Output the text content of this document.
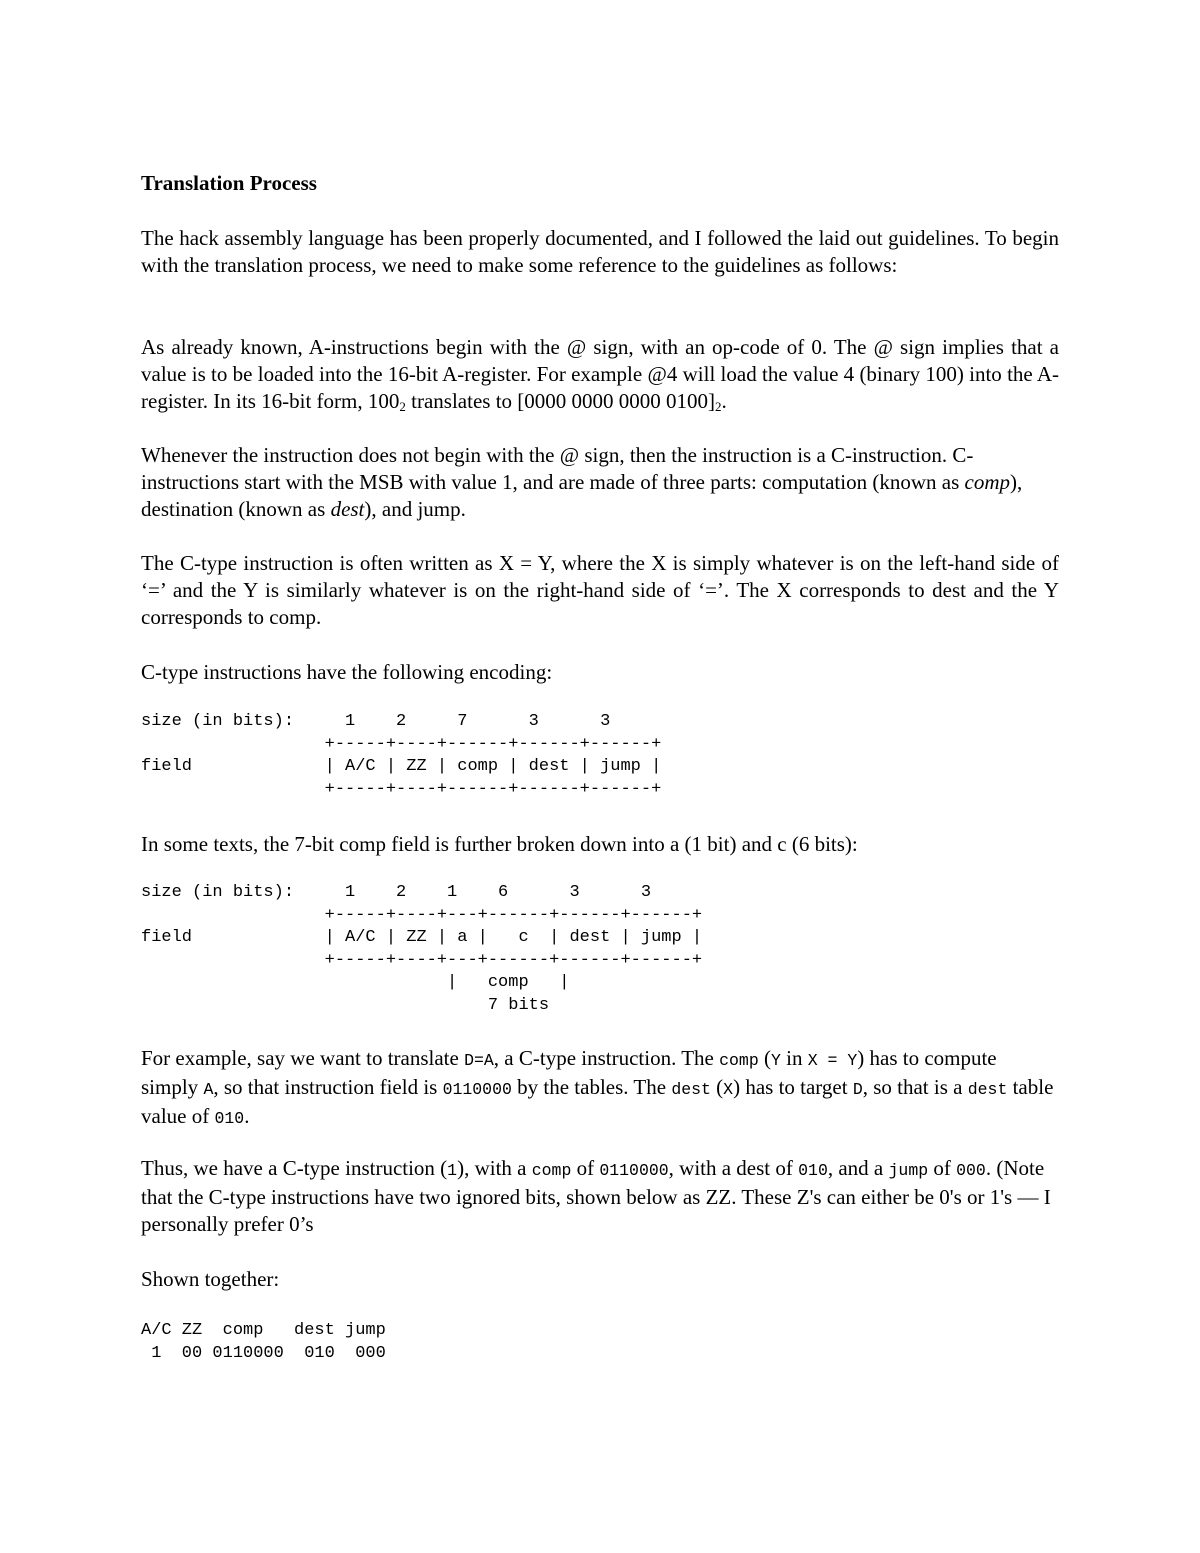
Translation Process

The hack assembly language has been properly documented, and I followed the laid out guidelines. To begin with the translation process, we need to make some reference to the guidelines as follows:

As already known, A-instructions begin with the @ sign, with an op-code of 0. The @ sign implies that a value is to be loaded into the 16-bit A-register. For example @4 will load the value 4 (binary 100) into the A-register. In its 16-bit form, $100_2$ translates to [0000 0000 0000 $0100]_2$.

Whenever the instruction does not begin with the @ sign, then the instruction is a C-instruction. C-instructions start with the MSB with value 1, and are made of three parts: computation (known as comp), destination (known as dest), and jump.

The C-type instruction is often written as X = Y, where the X is simply whatever is on the left-hand side of ‘=’ and the Y is similarly whatever is on the right-hand side of ‘=’. The X corresponds to dest and the Y corresponds to comp.

C-type instructions have the following encoding:

size (in bits):     1    2     7      3      3
+-----+----+------+------+------+
field             | A/C | ZZ | comp | dest | jump |
+-----+----+------+------+------+

In some texts, the 7-bit comp field is further broken down into a (1 bit) and c (6 bits):

size (in bits):     1    2    1    6      3      3
+-----+----+---+------+------+------+
field             | A/C | ZZ | a |   c  | dest | jump |
+-----+----+---+------+------+------+
|   comp   |
7 bits

For example, say we want to translate D=A, a C-type instruction. The comp (Y in X = Y) has to compute simply A, so that instruction field is 0110000 by the tables. The dest (X) has to target D, so that is a dest table value of 010.

Thus, we have a C-type instruction (1), with a comp of 0110000, with a dest of 010, and a jump of 000. (Note that the C-type instructions have two ignored bits, shown below as ZZ. These Z's can either be 0's or 1's — I personally prefer 0’s

Shown together:

A/C ZZ  comp   dest jump
1  00 0110000  010  000
